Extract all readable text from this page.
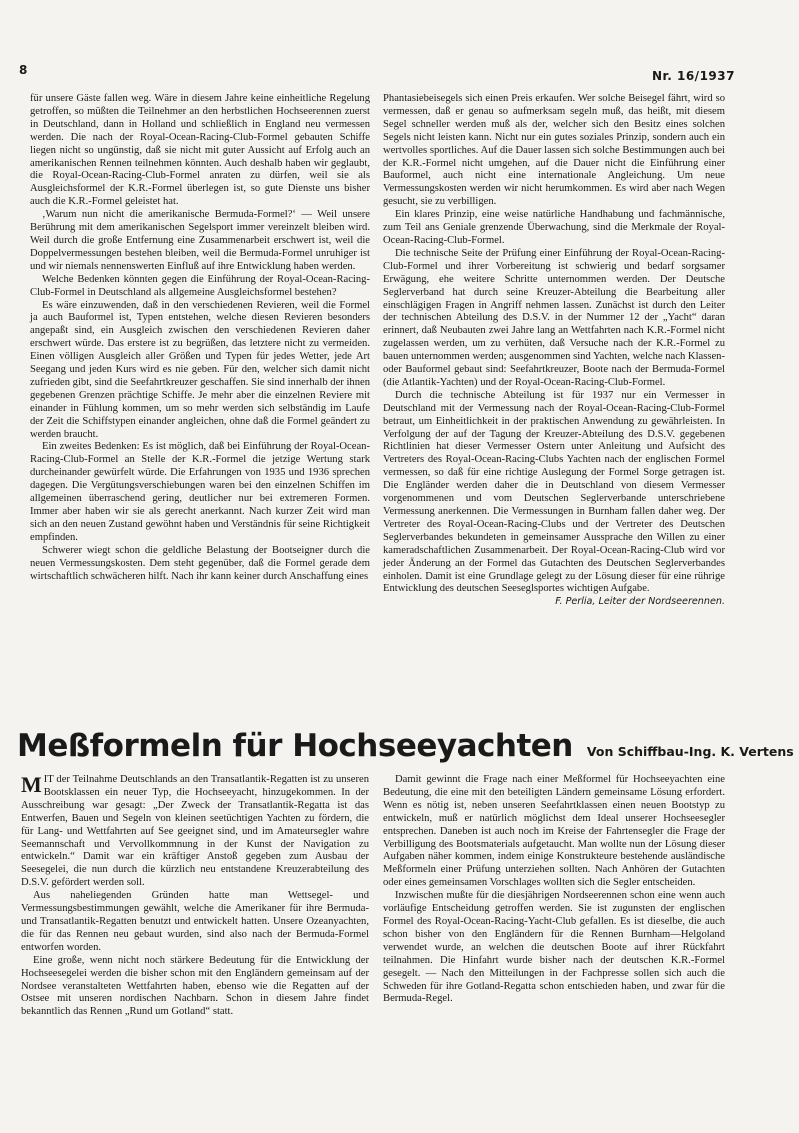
8	Nr. 16/1937

für unsere Gäste fallen weg. Wäre in diesem Jahre keine einheitliche Regelung getroffen, so müßten die Teilnehmer an den herbstlichen Hochseerennen zuerst in Deutschland, dann in Holland und schließlich in England neu vermessen werden. Die nach der Royal-Ocean-Racing-Club-Formel gebauten Schiffe liegen nicht so ungünstig, daß sie nicht mit guter Aussicht auf Erfolg auch an amerikanischen Rennen teilnehmen könnten. Auch deshalb haben wir geglaubt, die Royal-Ocean-Racing-Club-Formel anraten zu dürfen, weil sie als Ausgleichsformel der K.R.-Formel überlegen ist, so gute Dienste uns bisher auch die K.R.-Formel geleistet hat.

‚Warum nun nicht die amerikanische Bermuda-Formel?‘ — Weil unsere Berührung mit dem amerikanischen Segelsport immer vereinzelt bleiben wird. Weil durch die große Entfernung eine Zusammenarbeit erschwert ist, weil die Doppelvermessungen bestehen bleiben, weil die Bermuda-Formel unruhiger ist und wir niemals nennenswerten Einfluß auf ihre Entwicklung haben werden.

Welche Bedenken könnten gegen die Einführung der Royal-Ocean-Racing-Club-Formel in Deutschland als allgemeine Ausgleichsformel bestehen?

Es wäre einzuwenden, daß in den verschiedenen Revieren, weil die Formel ja auch Bauformel ist, Typen entstehen, welche diesen Revieren besonders angepaßt sind, ein Ausgleich zwischen den verschiedenen Revieren daher erschwert würde. Das erstere ist zu begrüßen, das letztere nicht zu vermeiden. Einen völligen Ausgleich aller Größen und Typen für jedes Wetter, jede Art Seegang und jeden Kurs wird es nie geben. Für den, welcher sich damit nicht zufrieden gibt, sind die Seefahrtkreuzer geschaffen. Sie sind innerhalb der ihnen gegebenen Grenzen prächtige Schiffe. Je mehr aber die einzelnen Reviere mit einander in Fühlung kommen, um so mehr werden sich selbständig im Laufe der Zeit die Schiffstypen einander angleichen, ohne daß die Formel geändert zu werden braucht.

Ein zweites Bedenken: Es ist möglich, daß bei Einführung der Royal-Ocean-Racing-Club-Formel an Stelle der K.R.-Formel die jetzige Wertung stark durcheinander gewürfelt würde. Die Erfahrungen von 1935 und 1936 sprechen dagegen. Die Vergütungsverschiebungen waren bei den einzelnen Schiffen im allgemeinen überraschend gering, deutlicher nur bei extremeren Formen. Immer aber haben wir sie als gerecht anerkannt. Nach kurzer Zeit wird man sich an den neuen Zustand gewöhnt haben und Verständnis für seine Richtigkeit empfinden.

Schwerer wiegt schon die geldliche Belastung der Bootseigner durch die neuen Vermessungskosten. Dem steht gegenüber, daß die Formel gerade dem wirtschaftlich schwächeren hilft. Nach ihr kann keiner durch Anschaffung eines

Phantasiebeisegels sich einen Preis erkaufen. Wer solche Beisegel fährt, wird so vermessen, daß er genau so aufmerksam segeln muß, das heißt, mit diesem Segel schneller werden muß als der, welcher sich den Besitz eines solchen Segels nicht leisten kann. Nicht nur ein gutes soziales Prinzip, sondern auch ein wertvolles sportliches. Auf die Dauer lassen sich solche Bestimmungen auch bei der K.R.-Formel nicht umgehen, auf die Dauer nicht die Einführung einer Bauformel, auch nicht eine internationale Angleichung. Um neue Vermessungskosten werden wir nicht herumkommen. Es wird aber nach Wegen gesucht, sie zu verbilligen.

Ein klares Prinzip, eine weise natürliche Handhabung und fachmännische, zum Teil ans Geniale grenzende Überwachung, sind die Merkmale der Royal-Ocean-Racing-Club-Formel.

Die technische Seite der Prüfung einer Einführung der Royal-Ocean-Racing-Club-Formel und ihrer Vorbereitung ist schwierig und bedarf sorgsamer Erwägung, ehe weitere Schritte unternommen werden. Der Deutsche Seglerverband hat durch seine Kreuzer-Abteilung die Bearbeitung aller einschlägigen Fragen in Angriff nehmen lassen. Zunächst ist durch den Leiter der technischen Abteilung des D.S.V. in der Nummer 12 der „Yacht“ daran erinnert, daß Neubauten zwei Jahre lang an Wettfahrten nach K.R.-Formel nicht zugelassen werden, um zu verhüten, daß Versuche nach der K.R.-Formel zu bauen unternommen werden; ausgenommen sind Yachten, welche nach Klassen- oder Bauformel gebaut sind: Seefahrtkreuzer, Boote nach der Bermuda-Formel (die Atlantik-Yachten) und der Royal-Ocean-Racing-Club-Formel.

Durch die technische Abteilung ist für 1937 nur ein Vermesser in Deutschland mit der Vermessung nach der Royal-Ocean-Racing-Club-Formel betraut, um Einheitlichkeit in der praktischen Anwendung zu gewährleisten. In Verfolgung der auf der Tagung der Kreuzer-Abteilung des D.S.V. gegebenen Richtlinien hat dieser Vermesser Ostern unter Anleitung und Aufsicht des Vertreters des Royal-Ocean-Racing-Clubs Yachten nach der englischen Formel vermessen, so daß für eine richtige Auslegung der Formel Sorge getragen ist. Die Engländer werden daher die in Deutschland von diesem Vermesser vorgenommenen und vom Deutschen Seglerverbande unterschriebene Vermessung anerkennen. Die Vermessungen in Burnham fallen daher weg. Der Vertreter des Royal-Ocean-Racing-Clubs und der Vertreter des Deutschen Seglerverbandes bekundeten in gemeinsamer Aussprache den Willen zu einer kameradschaftlichen Zusammenarbeit. Der Royal-Ocean-Racing-Club wird vor jeder Änderung an der Formel das Gutachten des Deutschen Seglerverbandes einholen. Damit ist eine Grundlage gelegt zu der Lösung dieser für eine rührige Entwicklung des deutschen Seeseglsportes wichtigen Aufgabe.

F. Perlia, Leiter der Nordseerennen.
Meßformeln für Hochseeyachten Von Schiffbau-Ing. K. Vertens

MIT der Teilnahme Deutschlands an den Transatlantik-Regatten ist zu unseren Bootsklassen ein neuer Typ, die Hochseeyacht, hinzugekommen. In der Ausschreibung war gesagt: „Der Zweck der Transatlantik-Regatta ist das Entwerfen, Bauen und Segeln von kleinen seetüchtigen Yachten zu fördern, die für Lang- und Wettfahrten auf See geeignet sind, und im Amateursegler wahre Seemannschaft und Vervollkommnung in der Kunst der Navigation zu entwickeln.“ Damit war ein kräftiger Anstoß gegeben zum Ausbau der Seesegelei, die nun durch die kürzlich neu entstandene Kreuzerabteilung des D.S.V. gefördert werden soll.

Aus naheliegenden Gründen hatte man Wettsegel- und Vermessungsbestimmungen gewählt, welche die Amerikaner für ihre Bermuda- und Transatlantik-Regatten benutzt und entwickelt hatten. Unsere Ozeanyachten, die für das Rennen neu gebaut wurden, sind also nach der Bermuda-Formel entworfen worden.

Eine große, wenn nicht noch stärkere Bedeutung für die Entwicklung der Hochseesegelei werden die bisher schon mit den Engländern gemeinsam auf der Nordsee veranstalteten Wettfahrten haben, ebenso wie die Regatten auf der Ostsee mit unseren nordischen Nachbarn. Schon in diesem Jahre findet bekanntlich das Rennen „Rund um Gotland“ statt.

Damit gewinnt die Frage nach einer Meßformel für Hochseeyachten eine Bedeutung, die eine mit den beteiligten Ländern gemeinsame Lösung erfordert. Wenn es nötig ist, neben unseren Seefahrtklassen einen neuen Bootstyp zu entwickeln, muß er natürlich möglichst dem Ideal unserer Hochseesegler entsprechen. Daneben ist auch noch im Kreise der Fahrtensegler die Frage der Verbilligung des Bootsmaterials aufgetaucht. Man wollte nun der Lösung dieser Aufgaben näher kommen, indem einige Konstrukteure bestehende ausländische Meßformeln einer Prüfung unterziehen sollten. Nach Anhören der Gutachten oder eines gemeinsamen Vorschlages wollten sich die Segler entscheiden.

Inzwischen mußte für die diesjährigen Nordseerennen schon eine wenn auch vorläufige Entscheidung getroffen werden. Sie ist zugunsten der englischen Formel des Royal-Ocean-Racing-Yacht-Club gefallen. Es ist dieselbe, die auch schon bisher von den Engländern für die Rennen Burnham—Helgoland verwendet wurde, an welchen die deutschen Boote auf ihrer Rückfahrt teilnahmen. Die Hinfahrt wurde bisher nach der deutschen K.R.-Formel gesegelt. — Nach den Mitteilungen in der Fachpresse sollen sich auch die Schweden für ihre Gotland-Regatta schon entschieden haben, und zwar für die Bermuda-Regel.
